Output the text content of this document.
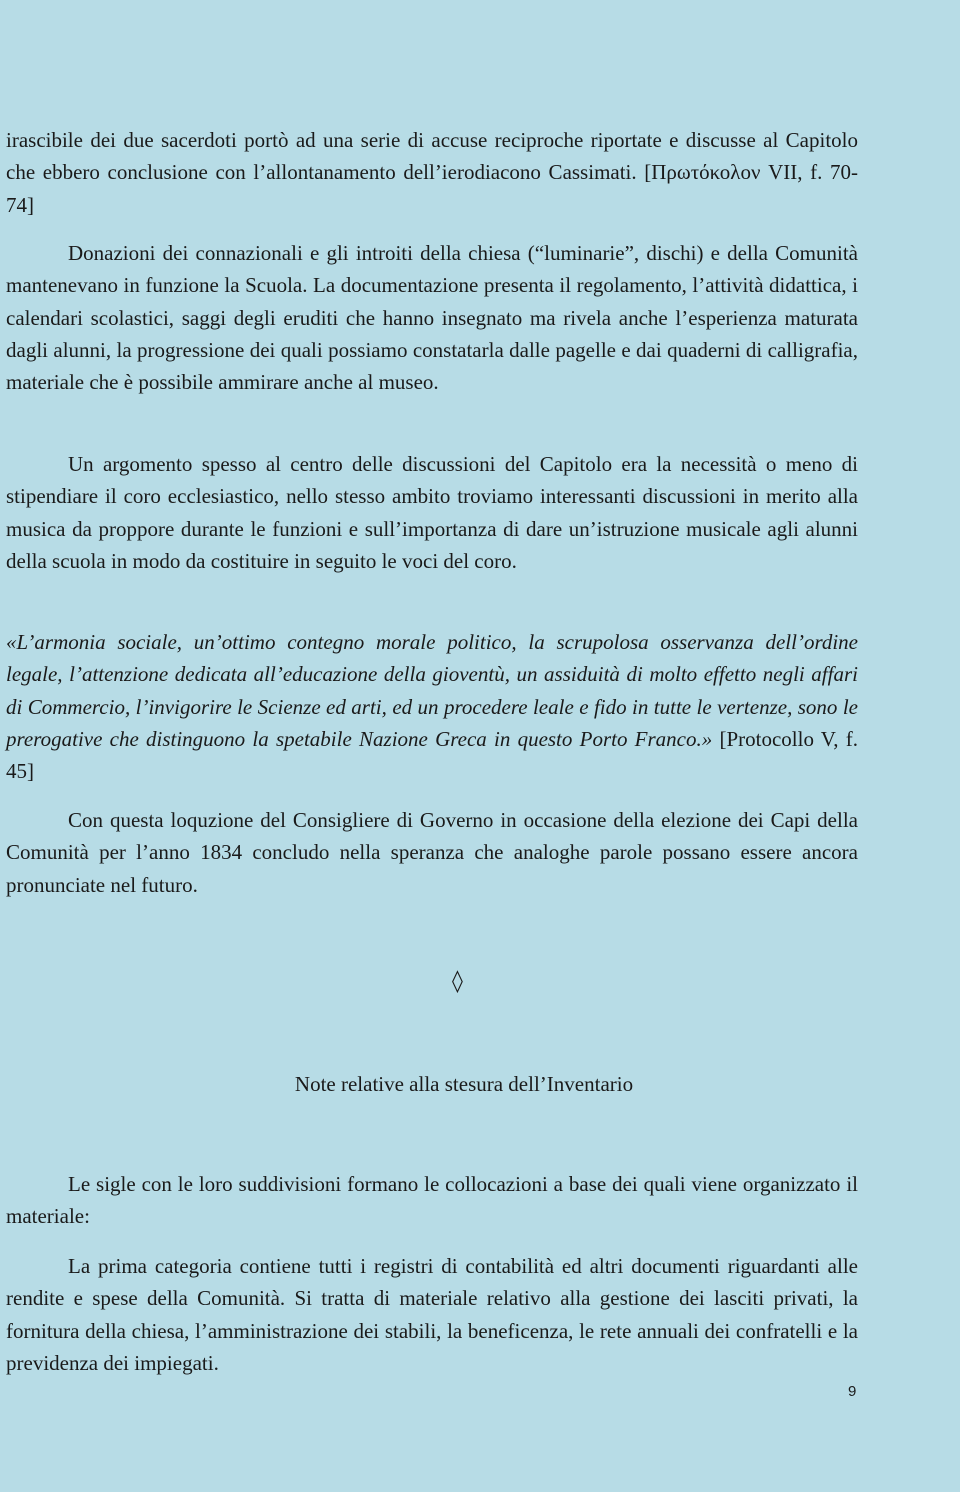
irascibile dei due sacerdoti portò ad una serie di accuse reciproche riportate e discusse al Capitolo che ebbero conclusione con l’allontanamento dell’ierodiacono Cassimati. [Πρωτόκολον VII, f. 70-74]

Donazioni dei connazionali e gli introiti della chiesa (“luminarie”, dischi) e della Comunità mantenevano in funzione la Scuola. La documentazione presenta il regolamento, l’attività didattica, i calendari scolastici, saggi degli eruditi che hanno insegnato ma rivela anche l’esperienza maturata dagli alunni, la progressione dei quali possiamo constatarla dalle pagelle e dai quaderni di calligrafia, materiale che è possibile ammirare anche al museo.

Un argomento spesso al centro delle discussioni del Capitolo era la necessità o meno di stipendiare il coro ecclesiastico, nello stesso ambito troviamo interessanti discussioni in merito alla musica da proppore durante le funzioni e sull’importanza di dare un’istruzione musicale agli alunni della scuola in modo da costituire in seguito le voci del coro.

«L’armonia sociale, un’ottimo contegno morale politico, la scrupolosa osservanza dell’ordine legale, l’attenzione dedicata all’educazione della gioventù, un assiduità di molto effetto negli affari di Commercio, l’invigorire le Scienze ed arti, ed un procedere leale e fido in tutte le vertenze, sono le prerogative che distinguono la spetabile Nazione Greca in questo Porto Franco.» [Protocollo V, f. 45]

Con questa loquzione del Consigliere di Governo in occasione della elezione dei Capi della Comunità per l’anno 1834 concludo nella speranza che analoghe parole possano essere ancora pronunciate nel futuro.

◊
Note relative alla stesura dell’Inventario

Le sigle con le loro suddivisioni formano le collocazioni a base dei quali viene organizzato il materiale:

La prima categoria contiene tutti i registri di contabilità ed altri documenti riguardanti alle rendite e spese della Comunità. Si tratta di materiale relativo alla gestione dei lasciti privati, la fornitura della chiesa, l’amministrazione dei stabili, la beneficenza, le rete annuali dei confratelli e la previdenza dei impiegati.

9
